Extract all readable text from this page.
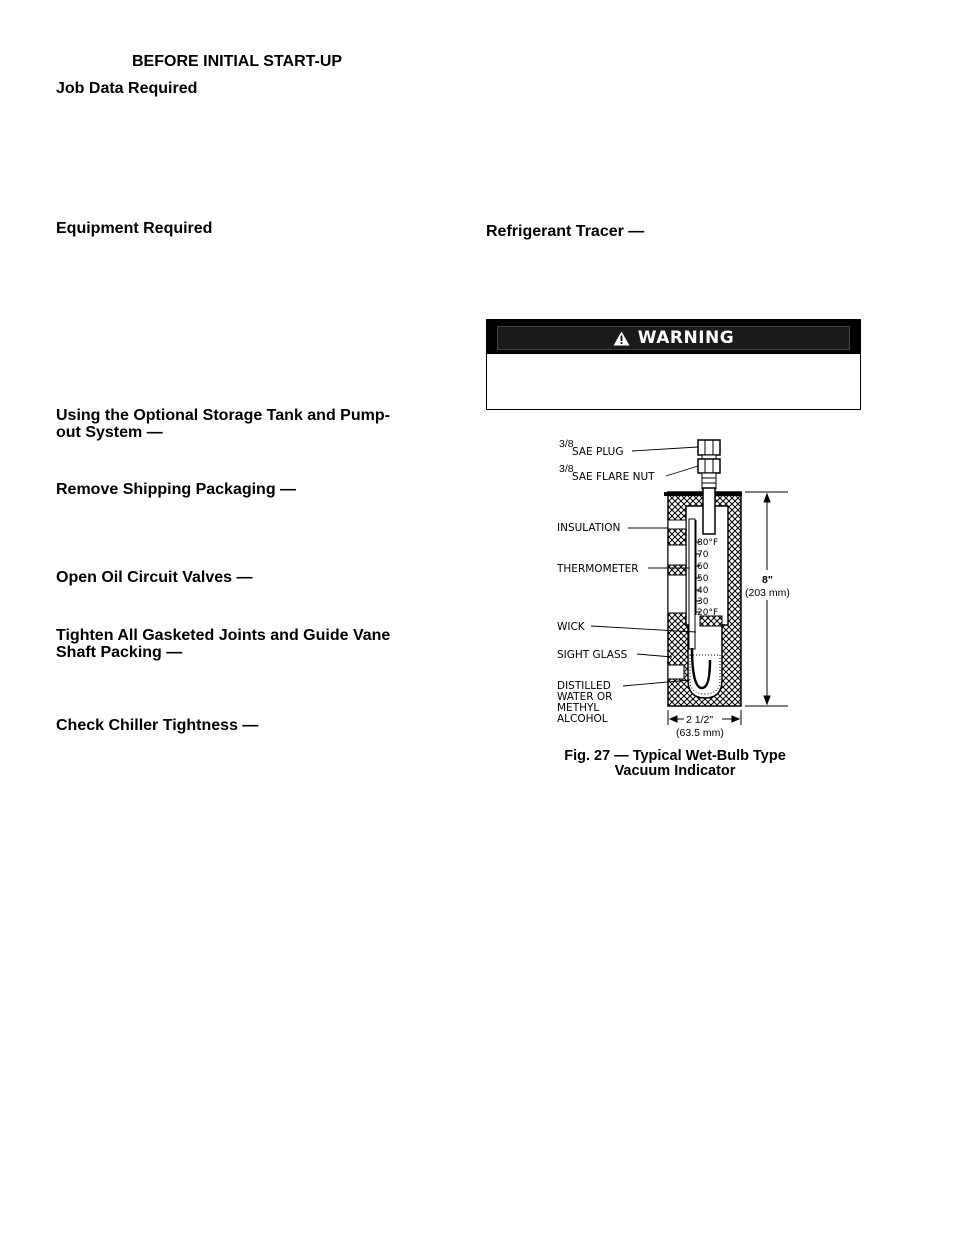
BEFORE INITIAL START-UP
Job Data Required
Equipment Required
Using the Optional Storage Tank and Pump-
out System —
Remove Shipping Packaging —
Open Oil Circuit Valves —
Tighten All Gasketed Joints and Guide Vane
Shaft Packing —
Check Chiller Tightness —
Refrigerant Tracer —
WARNING
80°F
70
60
50
40
30
20°F
3/8
SAE PLUG
3/8
SAE FLARE NUT
INSULATION
THERMOMETER
WICK
SIGHT GLASS
DISTILLED
WATER OR
METHYL
ALCOHOL
8"
(203 mm)
2 1/2"
(63.5 mm)
Fig. 27 — Typical Wet-Bulb Type
Vacuum Indicator
